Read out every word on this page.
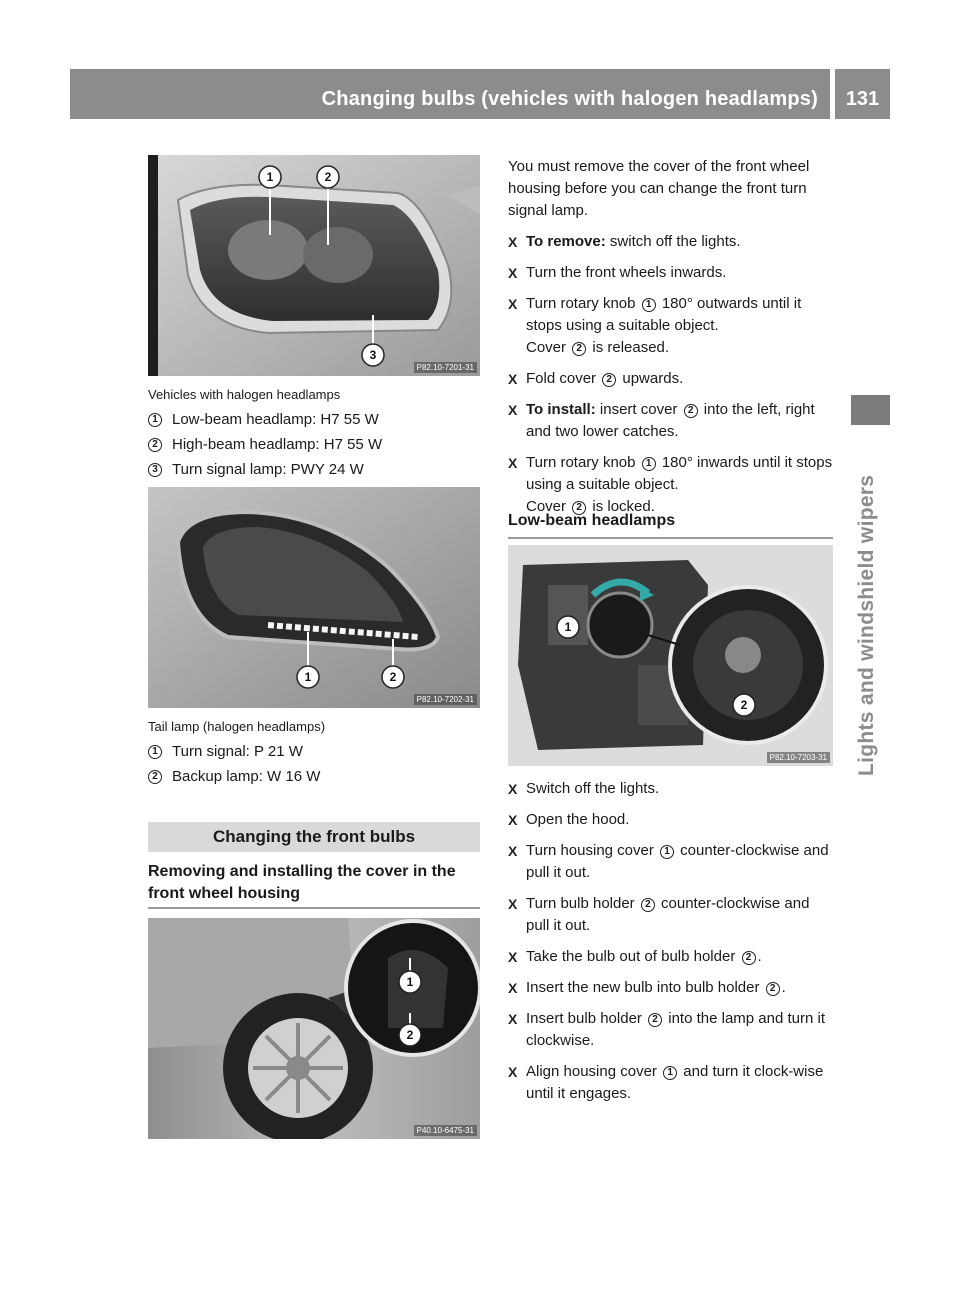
Changing bulbs (vehicles with halogen headlamps)	131
Lights and windshield wipers
1	2
3
P82.10-7201-31
Vehicles with halogen headlamps
1 Low-beam headlamp: H7 55 W
2 High-beam headlamp: H7 55 W
3 Turn signal lamp: PWY 24 W
1	2
P82.10-7202-31
Tail lamp (halogen headlamps)
1 Turn signal: P 21 W
2 Backup lamp: W 16 W
Changing the front bulbs
Removing and installing the cover in the
front wheel housing
1
2
P40.10-6475-31

You must remove the cover of the front wheel housing before you can change the front turn signal lamp.

X To remove: switch off the lights.
X Turn the front wheels inwards.
X Turn rotary knob 1 180° outwards until it stops using a suitable object.
Cover 2 is released.
X Fold cover 2 upwards.
X To install: insert cover 2 into the left, right and two lower catches.
X Turn rotary knob 1 180° inwards until it stops using a suitable object.
Cover 2 is locked.
Low-beam headlamps
1
2
P82.10-7203-31
X Switch off the lights.
X Open the hood.
X Turn housing cover 1 counter-clockwise and pull it out.
X Turn bulb holder 2 counter-clockwise and pull it out.
X Take the bulb out of bulb holder 2 .
X Insert the new bulb into bulb holder 2 .
X Insert bulb holder 2 into the lamp and turn it clockwise.
X Align housing cover 1 and turn it clock-wise until it engages.
